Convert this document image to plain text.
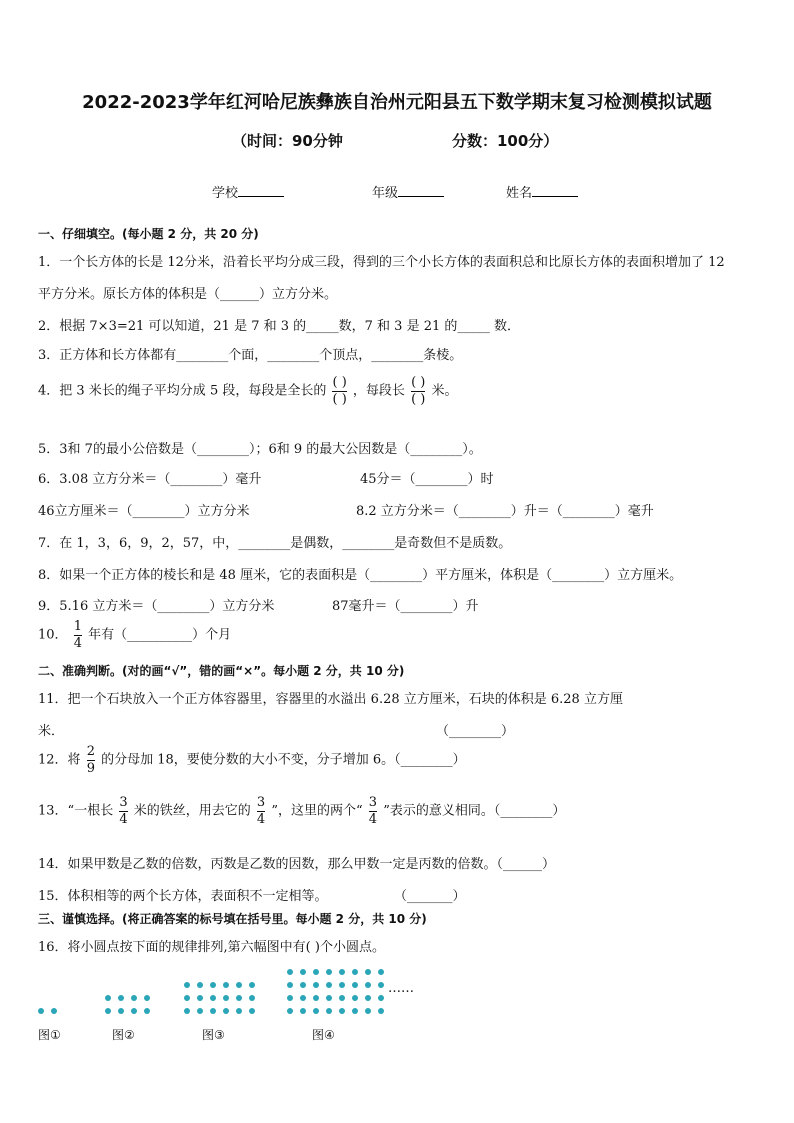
2022-2023学年红河哈尼族彝族自治州元阳县五下数学期末复习检测模拟试题
（时间：90分钟	分数：100分）
学校	年级	姓名
一、仔细填空。(每小题 2 分，共 20 分)
1．一个长方体的长是 12分米，沿着长平均分成三段，得到的三个小长方体的表面积总和比原长方体的表面积增加了 12
平方分米。原长方体的体积是（______）立方分米。
2．根据 7×3=21 可以知道，21 是 7 和 3 的_____数，7 和 3 是 21 的_____ 数．
3．正方体和长方体都有________个面，________个顶点，________条棱。
4．把 3 米长的绳子平均分成 5 段，每段是全长的 $\frac{( )}{( )}$ ，每段长 $\frac{( )}{( )}$ 米。
5．3和 7的最小公倍数是（________）；6和 9 的最大公因数是（________）。
6．3.08 立方分米＝（________）毫升	45分＝（________）时
46立方厘米＝（________）立方分米	8.2 立方分米＝（________）升＝（________）毫升
7．在 1，3，6，9，2，57，中，________是偶数，________是奇数但不是质数。
8．如果一个正方体的棱长和是 48 厘米，它的表面积是（________）平方厘米，体积是（________）立方厘米。
9．5.16 立方米＝（________）立方分米	87毫升＝（________）升
10． $\frac{1}{4}$ 年有（__________）个月
二、准确判断。(对的画“√”，错的画“×”。每小题 2 分，共 10 分)
11．把一个石块放入一个正方体容器里，容器里的水溢出 6.28 立方厘米，石块的体积是 6.28 立方厘
米．	（________）
12．将 $\frac{2}{9}$ 的分母加 18，要使分数的大小不变，分子增加 6。（________）
13．“一根长 $\frac{3}{4}$ 米的铁丝，用去它的 $\frac{3}{4}$ ”，这里的两个“ $\frac{3}{4}$ ”表示的意义相同。（________）
14．如果甲数是乙数的倍数，丙数是乙数的因数，那么甲数一定是丙数的倍数。（______）
15．体积相等的两个长方体，表面积不一定相等。	（_______）
三、谨慎选择。(将正确答案的标号填在括号里。每小题 2 分，共 10 分)
16．将小圆点按下面的规律排列,第六幅图中有( )个小圆点。
……
图①	图②	图③	图④
